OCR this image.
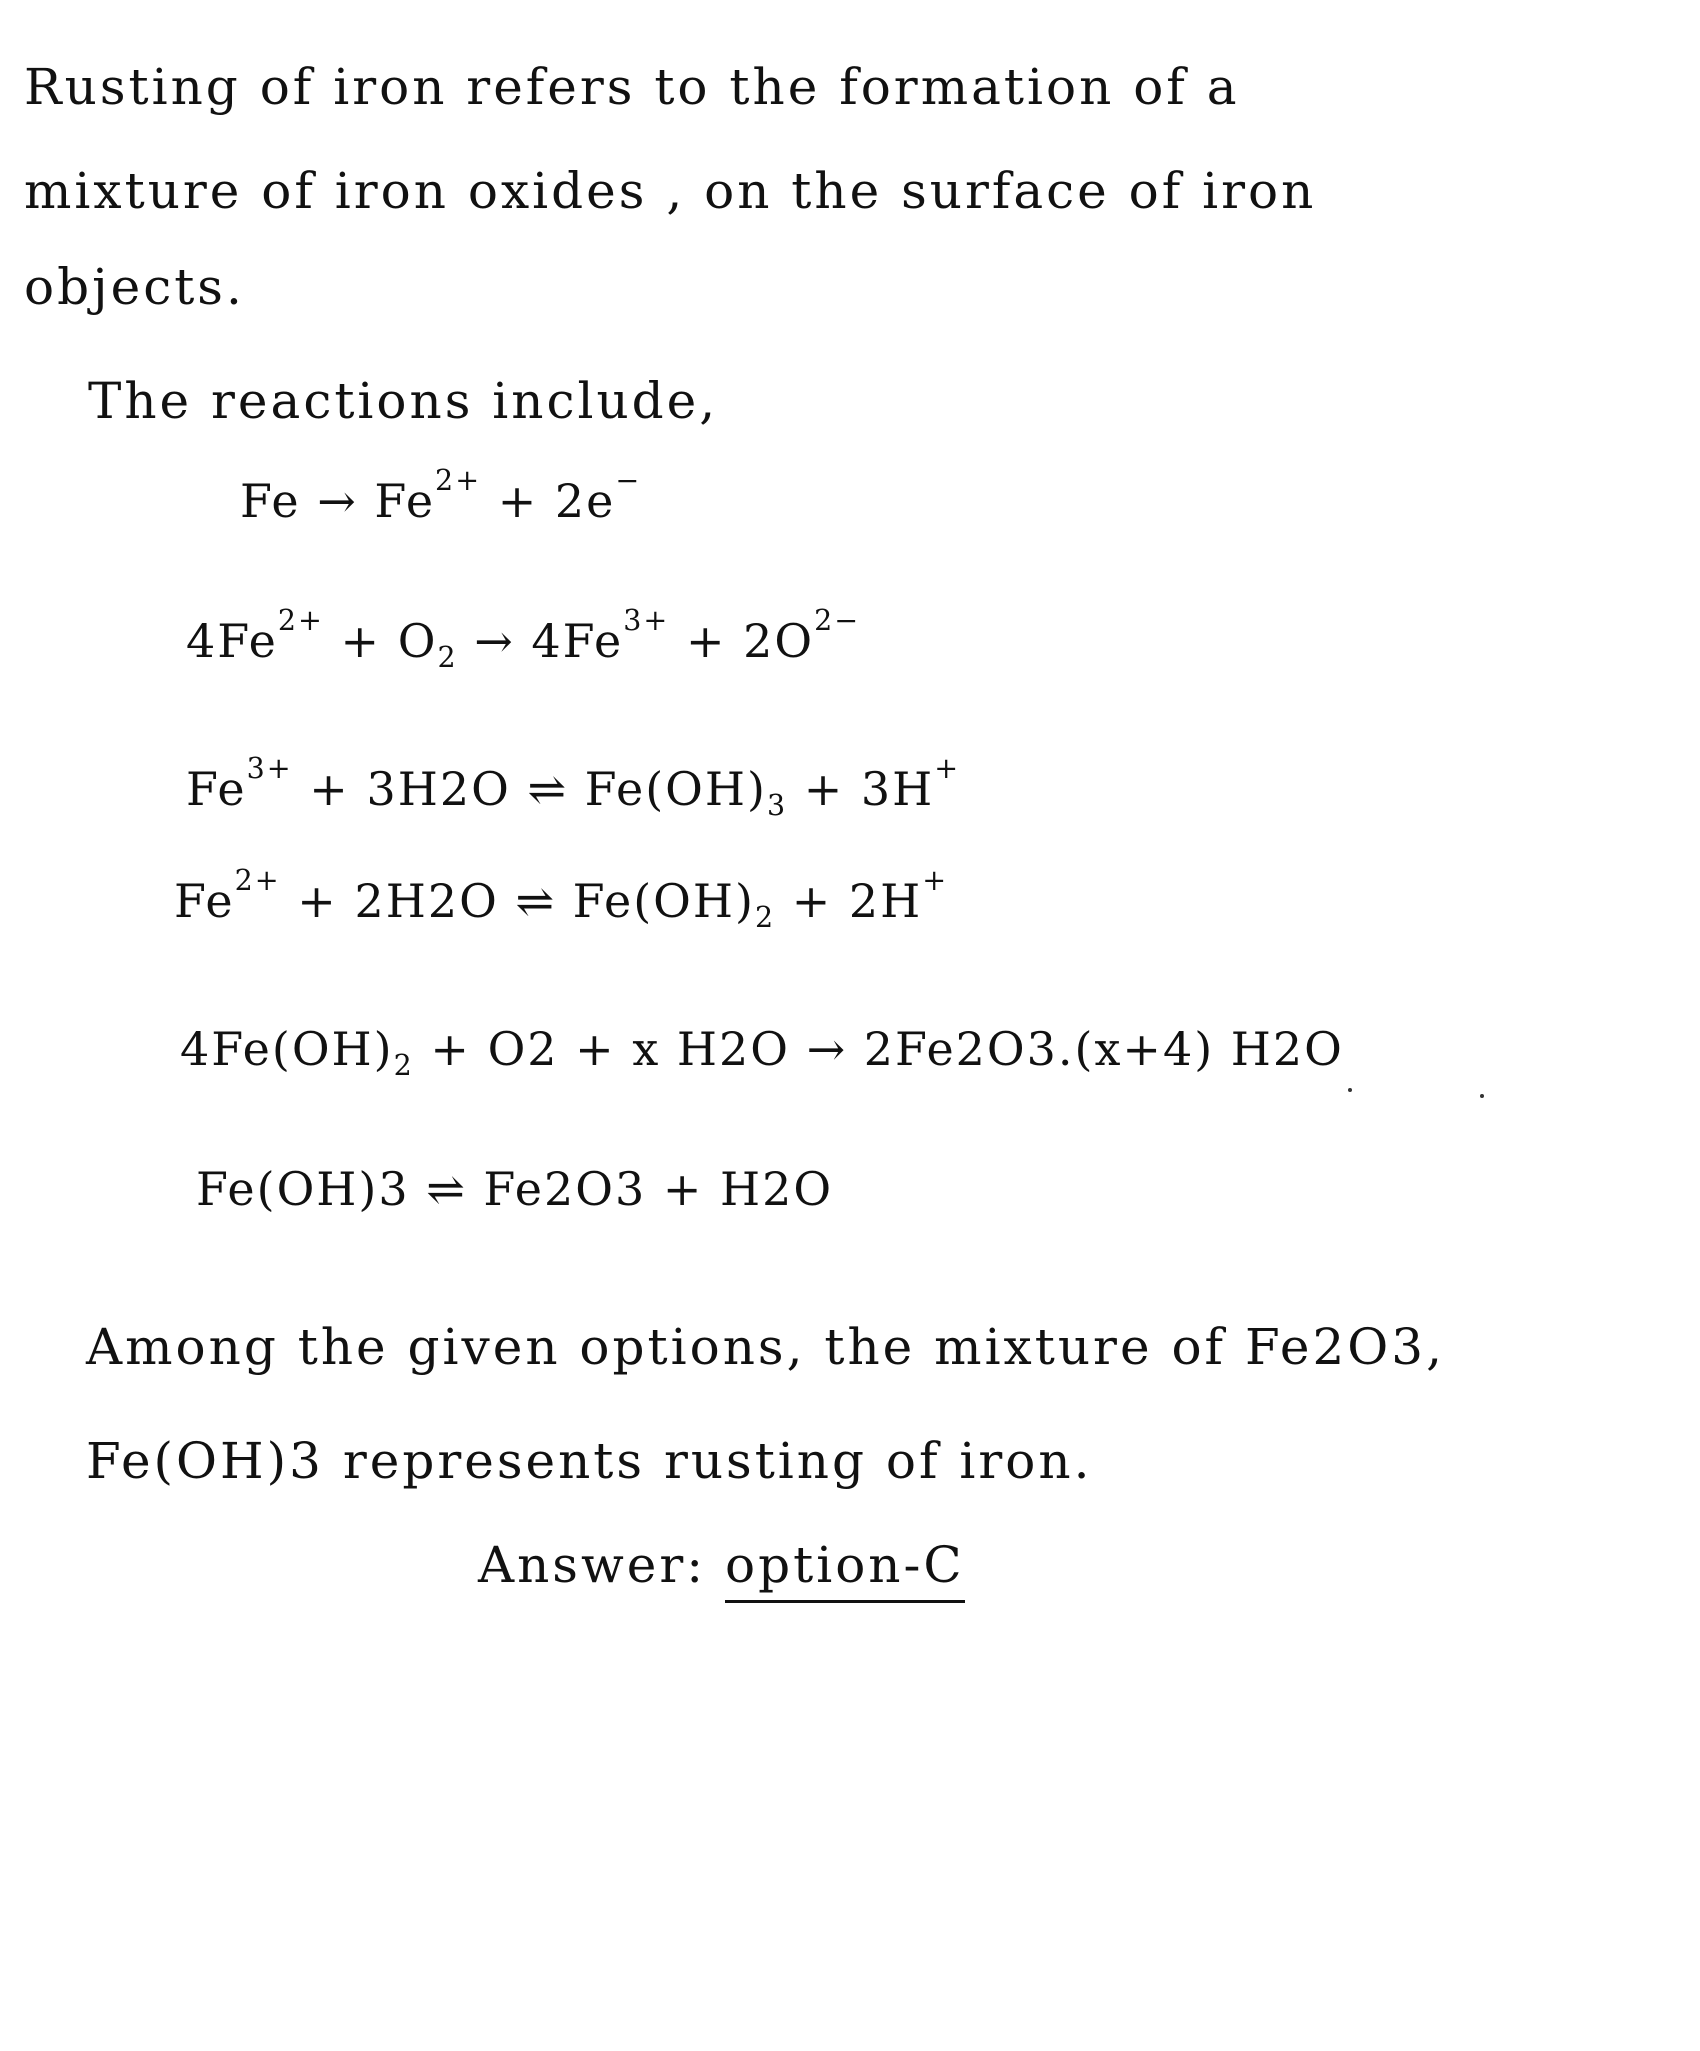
Rusting of iron refers to the formation of a
mixture of iron oxides , on the surface of iron
objects.
The reactions include,
$Fe \to Fe^{2+} + 2e^-$
$4Fe^{2+} + O_2 \to 4Fe^{3+} + 2O^{2-}$
$Fe^{3+} + 3H2O$ ⇌ $Fe(OH)_3 + 3H^+$
$Fe^{2+} + 2H2O$ ⇌ $Fe(OH)_2 + 2H^+$
$4Fe(OH)_2 + O2 + x$ H2O → 2Fe2O3.(x+4) H2O
Fe(OH)3 ⇌ Fe2O3 + H2O
Among the given options, the mixture of Fe2O3,
Fe(OH)3 represents rusting of iron.
Answer: option-C
